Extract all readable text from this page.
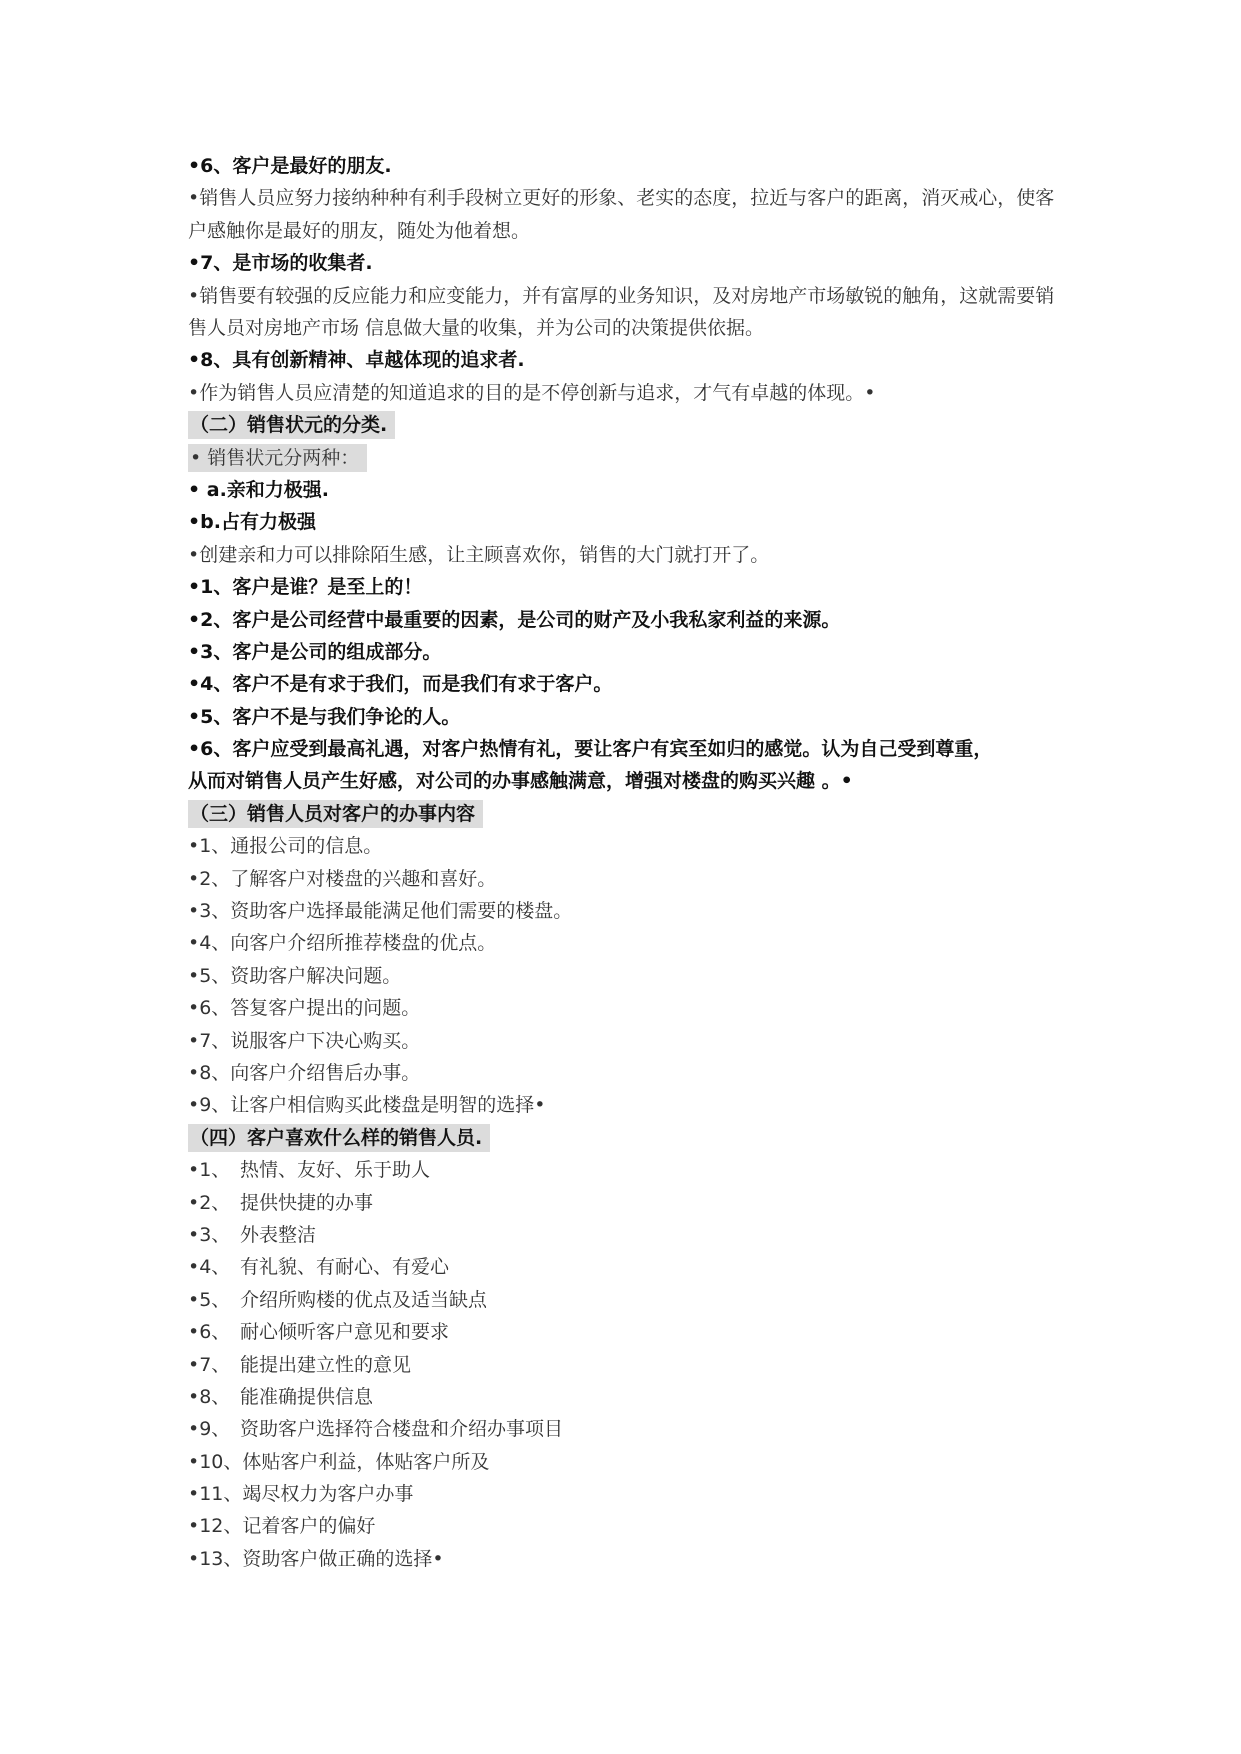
•6、客户是最好的朋友.
•销售人员应努力接纳种种有利手段树立更好的形象、老实的态度，拉近与客户的距离，消灭戒心，使客户感触你是最好的朋友，随处为他着想。
•7、是市场的收集者.
•销售要有较强的反应能力和应变能力，并有富厚的业务知识，及对房地产市场敏锐的触角，这就需要销售人员对房地产市场 信息做大量的收集，并为公司的决策提供依据。
•8、具有创新精神、卓越体现的追求者.
•作为销售人员应清楚的知道追求的目的是不停创新与追求，才气有卓越的体现。•
（二）销售状元的分类.
• 销售状元分两种：
• a.亲和力极强.
•b.占有力极强
•创建亲和力可以排除陌生感，让主顾喜欢你，销售的大门就打开了。
•1、客户是谁？是至上的！
•2、客户是公司经营中最重要的因素，是公司的财产及小我私家利益的来源。
•3、客户是公司的组成部分。
•4、客户不是有求于我们，而是我们有求于客户。
•5、客户不是与我们争论的人。
•6、客户应受到最高礼遇，对客户热情有礼，要让客户有宾至如归的感觉。认为自己受到尊重，
从而对销售人员产生好感，对公司的办事感触满意，增强对楼盘的购买兴趣 。•
（三）销售人员对客户的办事内容
•1、通报公司的信息。
•2、了解客户对楼盘的兴趣和喜好。
•3、资助客户选择最能满足他们需要的楼盘。
•4、向客户介绍所推荐楼盘的优点。
•5、资助客户解决问题。
•6、答复客户提出的问题。
•7、说服客户下决心购买。
•8、向客户介绍售后办事。
•9、让客户相信购买此楼盘是明智的选择•
（四）客户喜欢什么样的销售人员.
•1、 热情、友好、乐于助人
•2、 提供快捷的办事
•3、 外表整洁
•4、 有礼貌、有耐心、有爱心
•5、 介绍所购楼的优点及适当缺点
•6、 耐心倾听客户意见和要求
•7、 能提出建立性的意见
•8、 能准确提供信息
•9、 资助客户选择符合楼盘和介绍办事项目
•10、体贴客户利益，体贴客户所及
•11、竭尽权力为客户办事
•12、记着客户的偏好
•13、资助客户做正确的选择•
